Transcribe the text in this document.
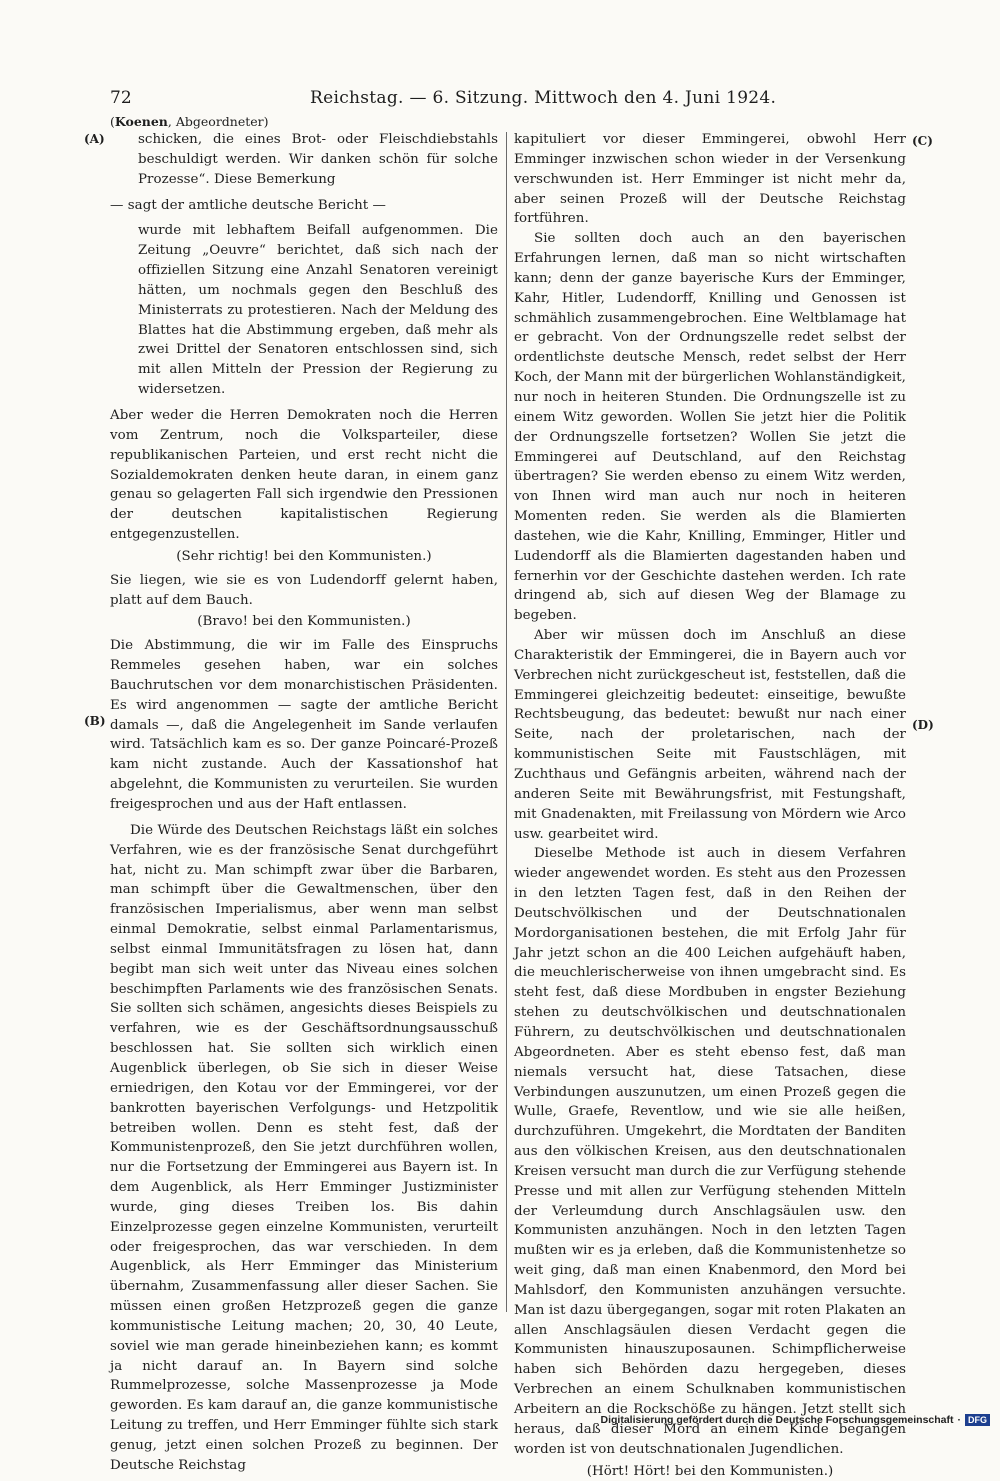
72	Reichstag. — 6. Sitzung. Mittwoch den 4. Juni 1924.
(Koenen, Abgeordneter)
(A)
(B)
(C)
(D)

schicken, die eines Brot- oder Fleischdiebstahls beschuldigt werden. Wir danken schön für solche Prozesse“. Diese Bemerkung

— sagt der amtliche deutsche Bericht —

wurde mit lebhaftem Beifall aufgenommen. Die Zeitung „Oeuvre“ berichtet, daß sich nach der offiziellen Sitzung eine Anzahl Senatoren vereinigt hätten, um nochmals gegen den Beschluß des Ministerrats zu protestieren. Nach der Meldung des Blattes hat die Abstimmung ergeben, daß mehr als zwei Drittel der Senatoren entschlossen sind, sich mit allen Mitteln der Pression der Regierung zu widersetzen.

Aber weder die Herren Demokraten noch die Herren vom Zentrum, noch die Volksparteiler, diese republikanischen Parteien, und erst recht nicht die Sozialdemokraten denken heute daran, in einem ganz genau so gelagerten Fall sich irgendwie den Pressionen der deutschen kapitalistischen Regierung entgegenzustellen.

(Sehr richtig! bei den Kommunisten.)

Sie liegen, wie sie es von Ludendorff gelernt haben, platt auf dem Bauch.

(Bravo! bei den Kommunisten.)

Die Abstimmung, die wir im Falle des Einspruchs Remmeles gesehen haben, war ein solches Bauchrutschen vor dem monarchistischen Präsidenten. Es wird angenommen — sagte der amtliche Bericht damals —, daß die Angelegenheit im Sande verlaufen wird. Tatsächlich kam es so. Der ganze Poincaré-Prozeß kam nicht zustande. Auch der Kassationshof hat abgelehnt, die Kommunisten zu verurteilen. Sie wurden freigesprochen und aus der Haft entlassen.

Die Würde des Deutschen Reichstags läßt ein solches Verfahren, wie es der französische Senat durchgeführt hat, nicht zu. Man schimpft zwar über die Barbaren, man schimpft über die Gewaltmenschen, über den französischen Imperialismus, aber wenn man selbst einmal Demokratie, selbst einmal Parlamentarismus, selbst einmal Immunitätsfragen zu lösen hat, dann begibt man sich weit unter das Niveau eines solchen beschimpften Parlaments wie des französischen Senats. Sie sollten sich schämen, angesichts dieses Beispiels zu verfahren, wie es der Geschäftsordnungsausschuß beschlossen hat. Sie sollten sich wirklich einen Augenblick überlegen, ob Sie sich in dieser Weise erniedrigen, den Kotau vor der Emmingerei, vor der bankrotten bayerischen Verfolgungs- und Hetzpolitik betreiben wollen. Denn es steht fest, daß der Kommunistenprozeß, den Sie jetzt durchführen wollen, nur die Fortsetzung der Emmingerei aus Bayern ist. In dem Augenblick, als Herr Emminger Justizminister wurde, ging dieses Treiben los. Bis dahin Einzelprozesse gegen einzelne Kommunisten, verurteilt oder freigesprochen, das war verschieden. In dem Augenblick, als Herr Emminger das Ministerium übernahm, Zusammenfassung aller dieser Sachen. Sie müssen einen großen Hetzprozeß gegen die ganze kommunistische Leitung machen; 20, 30, 40 Leute, soviel wie man gerade hineinbeziehen kann; es kommt ja nicht darauf an. In Bayern sind solche Rummelprozesse, solche Massenprozesse ja Mode geworden. Es kam darauf an, die ganze kommunistische Leitung zu treffen, und Herr Emminger fühlte sich stark genug, jetzt einen solchen Prozeß zu beginnen. Der Deutsche Reichstag

kapituliert vor dieser Emmingerei, obwohl Herr Emminger inzwischen schon wieder in der Versenkung verschwunden ist. Herr Emminger ist nicht mehr da, aber seinen Prozeß will der Deutsche Reichstag fortführen.

Sie sollten doch auch an den bayerischen Erfahrungen lernen, daß man so nicht wirtschaften kann; denn der ganze bayerische Kurs der Emminger, Kahr, Hitler, Ludendorff, Knilling und Genossen ist schmählich zusammengebrochen. Eine Weltblamage hat er gebracht. Von der Ordnungszelle redet selbst der ordentlichste deutsche Mensch, redet selbst der Herr Koch, der Mann mit der bürgerlichen Wohlanständigkeit, nur noch in heiteren Stunden. Die Ordnungszelle ist zu einem Witz geworden. Wollen Sie jetzt hier die Politik der Ordnungszelle fortsetzen? Wollen Sie jetzt die Emmingerei auf Deutschland, auf den Reichstag übertragen? Sie werden ebenso zu einem Witz werden, von Ihnen wird man auch nur noch in heiteren Momenten reden. Sie werden als die Blamierten dastehen, wie die Kahr, Knilling, Emminger, Hitler und Ludendorff als die Blamierten dagestanden haben und fernerhin vor der Geschichte dastehen werden. Ich rate dringend ab, sich auf diesen Weg der Blamage zu begeben.

Aber wir müssen doch im Anschluß an diese Charakteristik der Emmingerei, die in Bayern auch vor Verbrechen nicht zurückgescheut ist, feststellen, daß die Emmingerei gleichzeitig bedeutet: einseitige, bewußte Rechtsbeugung, das bedeutet: bewußt nur nach einer Seite, nach der proletarischen, nach der kommunistischen Seite mit Faustschlägen, mit Zuchthaus und Gefängnis arbeiten, während nach der anderen Seite mit Bewährungsfrist, mit Festungshaft, mit Gnadenakten, mit Freilassung von Mördern wie Arco usw. gearbeitet wird.

Dieselbe Methode ist auch in diesem Verfahren wieder angewendet worden. Es steht aus den Prozessen in den letzten Tagen fest, daß in den Reihen der Deutschvölkischen und der Deutschnationalen Mordorganisationen bestehen, die mit Erfolg Jahr für Jahr jetzt schon an die 400 Leichen aufgehäuft haben, die meuchlerischerweise von ihnen umgebracht sind. Es steht fest, daß diese Mordbuben in engster Beziehung stehen zu deutschvölkischen und deutschnationalen Führern, zu deutschvölkischen und deutschnationalen Abgeordneten. Aber es steht ebenso fest, daß man niemals versucht hat, diese Tatsachen, diese Verbindungen auszunutzen, um einen Prozeß gegen die Wulle, Graefe, Reventlow, und wie sie alle heißen, durchzuführen. Umgekehrt, die Mordtaten der Banditen aus den völkischen Kreisen, aus den deutschnationalen Kreisen versucht man durch die zur Verfügung stehende Presse und mit allen zur Verfügung stehenden Mitteln der Verleumdung durch Anschlagsäulen usw. den Kommunisten anzuhängen. Noch in den letzten Tagen mußten wir es ja erleben, daß die Kommunistenhetze so weit ging, daß man einen Knabenmord, den Mord bei Mahlsdorf, den Kommunisten anzuhängen versuchte. Man ist dazu übergegangen, sogar mit roten Plakaten an allen Anschlagsäulen diesen Verdacht gegen die Kommunisten hinauszuposaunen. Schimpflicherweise haben sich Behörden dazu hergegeben, dieses Verbrechen an einem Schulknaben kommunistischen Arbeitern an die Rockschöße zu hängen. Jetzt stellt sich heraus, daß dieser Mord an einem Kinde begangen worden ist von deutschnationalen Jugendlichen.

(Hört! Hört! bei den Kommunisten.)

Digitalisierung gefördert durch die Deutsche Forschungsgemeinschaft · DFG
